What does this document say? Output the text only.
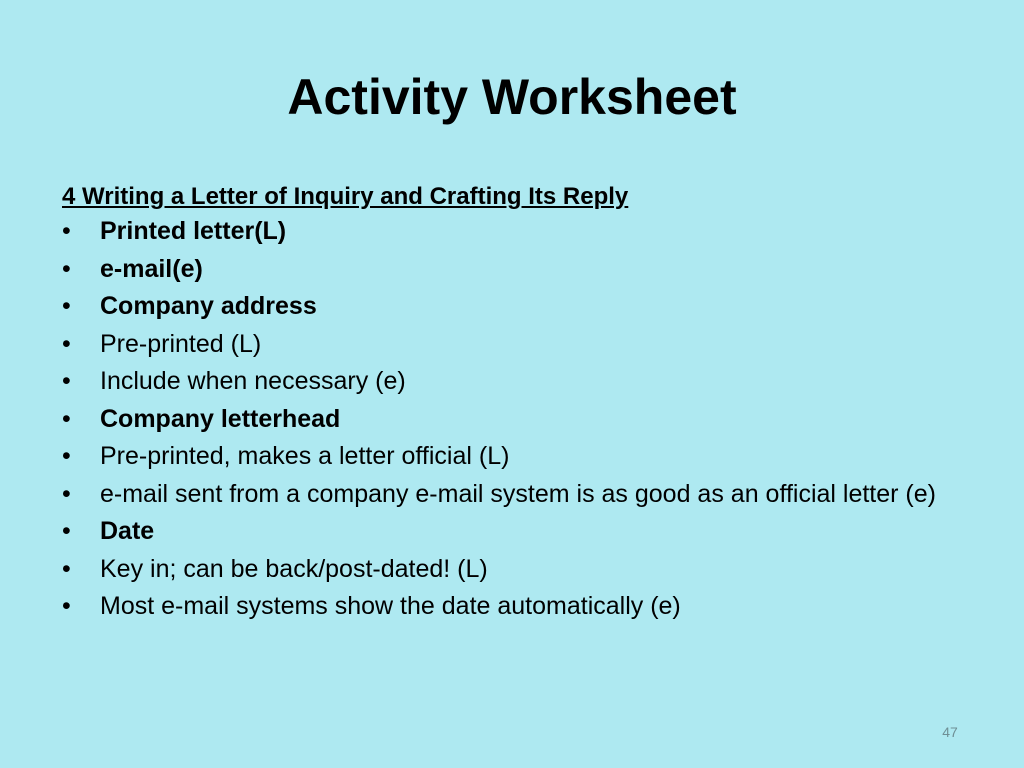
Activity Worksheet
4 Writing a Letter of Inquiry and Crafting Its Reply
•	Printed letter(L)
•	e-mail(e)
•	Company address
•	Pre-printed (L)
•	Include when necessary (e)
•	Company letterhead
•	Pre-printed, makes a letter official (L)
•	e-mail sent from a company e-mail system is as good as an official letter (e)
•	Date
•	Key in; can be back/post-dated! (L)
•	Most e-mail systems show the date automatically (e)
47
